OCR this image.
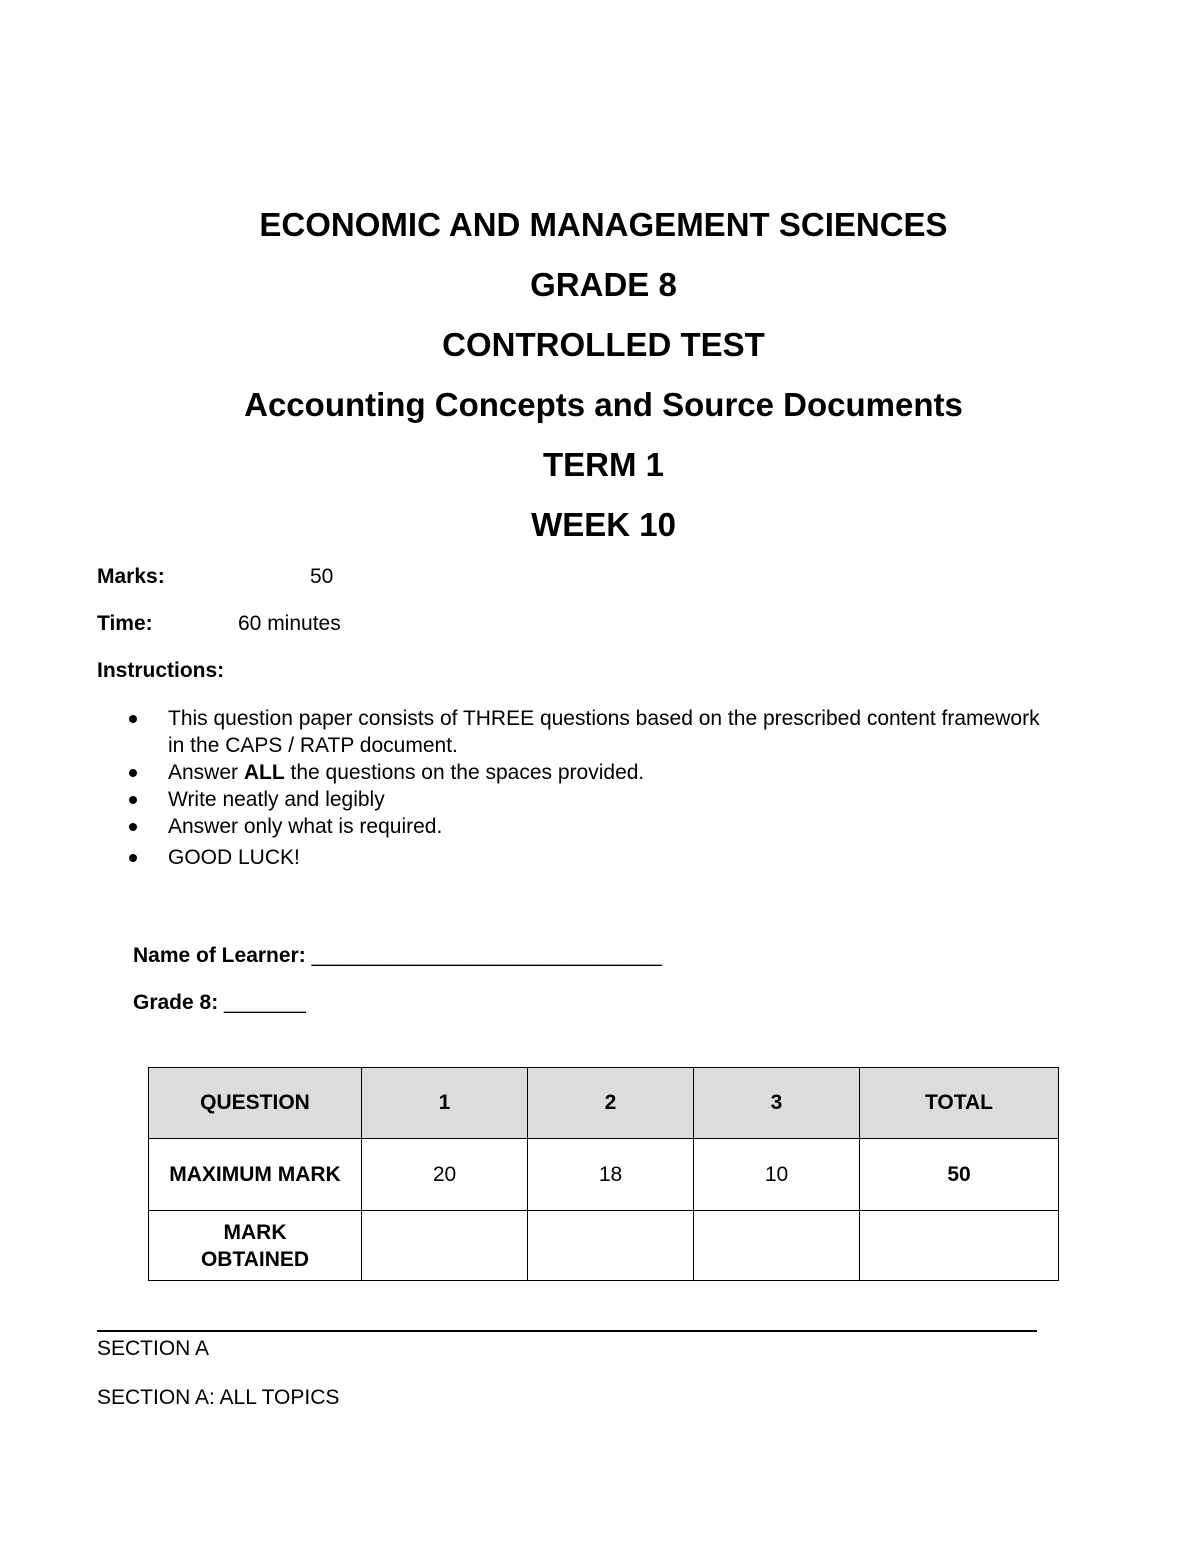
ECONOMIC AND MANAGEMENT SCIENCES
GRADE 8
CONTROLLED TEST
Accounting Concepts and Source Documents
TERM 1
WEEK 10
Marks:	50
Time:	60 minutes
Instructions:
This question paper consists of THREE questions based on the prescribed content framework in the CAPS / RATP document.
Answer ALL the questions on the spaces provided.
Write neatly and legibly
Answer only what is required.
GOOD LUCK!
Name of Learner: ______________________________
Grade 8: _______
QUESTION	1	2	3	TOTAL
MAXIMUM MARK	20	18	10	50
MARK OBTAINED				
SECTION A
SECTION A: ALL TOPICS
